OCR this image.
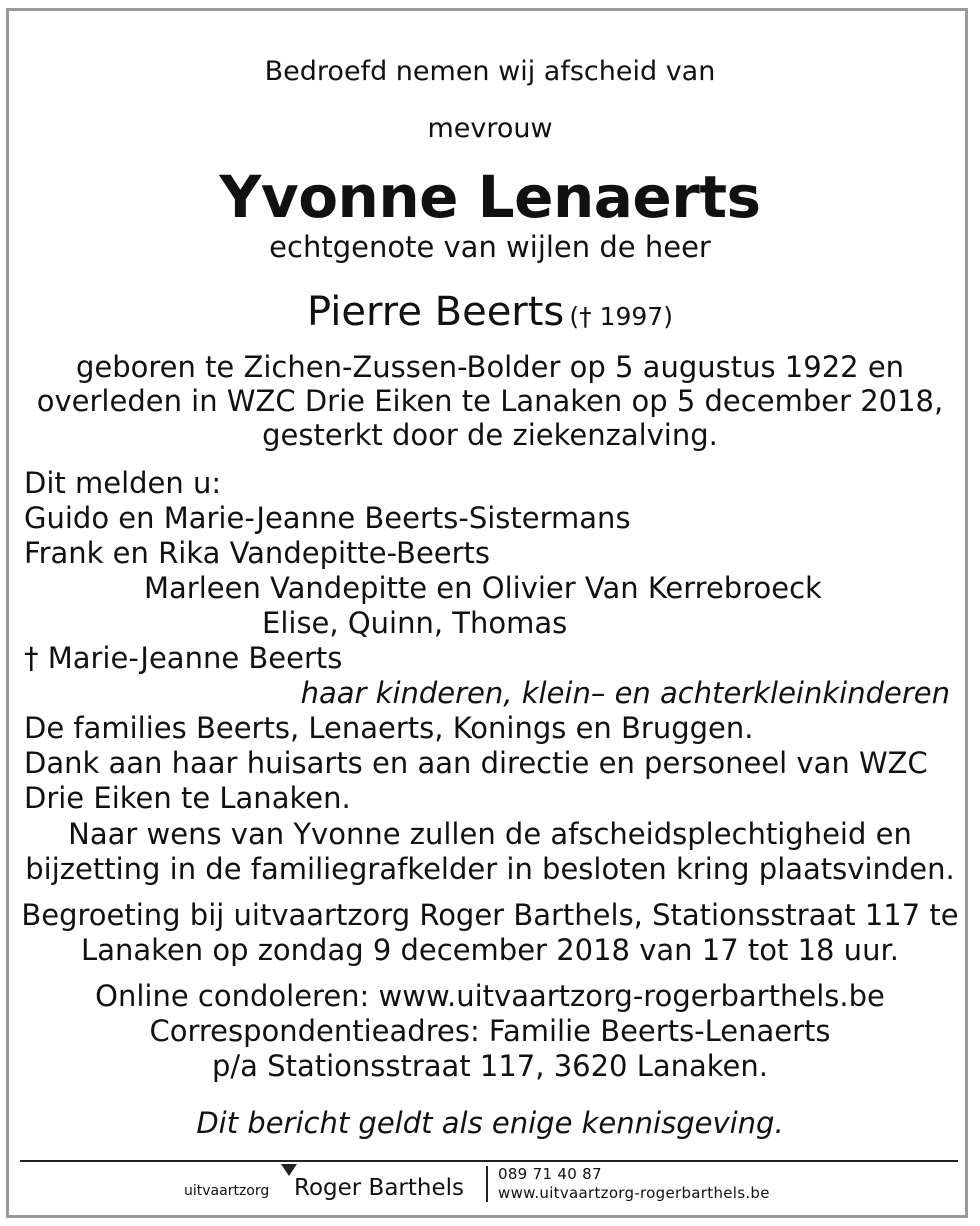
Bedroefd nemen wij afscheid van
mevrouw
Yvonne Lenaerts
echtgenote van wijlen de heer
Pierre Beerts († 1997)
geboren te Zichen-Zussen-Bolder op 5 augustus 1922 en
overleden in WZC Drie Eiken te Lanaken op 5 december 2018,
gesterkt door de ziekenzalving.
Dit melden u:
Guido en Marie-Jeanne Beerts-Sistermans
Frank en Rika Vandepitte-Beerts
Marleen Vandepitte en Olivier Van Kerrebroeck
Elise, Quinn, Thomas
† Marie-Jeanne Beerts
haar kinderen, klein– en achterkleinkinderen
De families Beerts, Lenaerts, Konings en Bruggen.
Dank aan haar huisarts en aan directie en personeel van WZC
Drie Eiken te Lanaken.
Naar wens van Yvonne zullen de afscheidsplechtigheid en
bijzetting in de familiegrafkelder in besloten kring plaatsvinden.
Begroeting bij uitvaartzorg Roger Barthels, Stationsstraat 117 te
Lanaken op zondag 9 december 2018 van 17 tot 18 uur.
Online condoleren: www.uitvaartzorg-rogerbarthels.be
Correspondentieadres: Familie Beerts-Lenaerts
p/a Stationsstraat 117, 3620 Lanaken.
Dit bericht geldt als enige kennisgeving.
uitvaartzorg Roger Barthels
089 71 40 87
www.uitvaartzorg-rogerbarthels.be
